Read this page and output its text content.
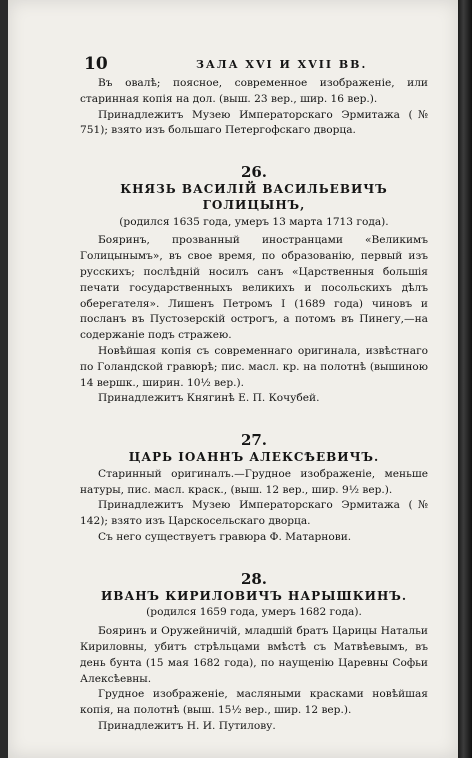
10	ЗАЛА XVI И XVII ВВ.

Въ овалѣ; поясное, современное изображеніе, или старинная копія на дол. (выш. 23 вер., шир. 16 вер.).

Принадлежитъ Музею Императорскаго Эрмитажа (№ 751); взято изъ большаго Петергофскаго дворца.

26.
КНЯЗЬ ВАСИЛІЙ ВАСИЛЬЕВИЧЪ ГОЛИЦЫНЪ,
(родился 1635 года, умеръ 13 марта 1713 года).

Бояринъ, прозванный иностранцами «Великимъ Голицынымъ», въ свое время, по образованію, первый изъ русскихъ; послѣдній носилъ санъ «Царственныя большія печати государственныхъ великихъ и посольскихъ дѣлъ оберегателя». Лишенъ Петромъ I (1689 года) чиновъ и посланъ въ Пустозерскій острогъ, а потомъ въ Пинегу,—на содержаніе подъ стражею.

Новѣйшая копія съ современнаго оригинала, извѣстнаго по Голандской гравюрѣ; пис. масл. кр. на полотнѣ (вышиною 14 вершк., ширин. 10½ вер.).

Принадлежитъ Княгинѣ Е. П. Кочубей.

27.
ЦАРЬ ІОАННЪ АЛЕКСѢЕВИЧЪ.

Старинный оригиналъ.—Грудное изображеніе, меньше натуры, пис. масл. краск., (выш. 12 вер., шир. 9½ вер.).

Принадлежитъ Музею Императорскаго Эрмитажа (№ 142); взято изъ Царскосельскаго дворца.

Съ него существуетъ гравюра Ф. Матарнови.

28.
ИВАНЪ КИРИЛОВИЧЪ НАРЫШКИНЪ.
(родился 1659 года, умеръ 1682 года).

Бояринъ и Оружейничій, младшій братъ Царицы Натальи Кириловны, убитъ стрѣльцами вмѣстѣ съ Матвѣевымъ, въ день бунта (15 мая 1682 года), по наущенію Царевны Софьи Алексѣевны.

Грудное изображеніе, масляными красками новѣйшая копія, на полотнѣ (выш. 15½ вер., шир. 12 вер.).

Принадлежитъ Н. И. Путилову.
